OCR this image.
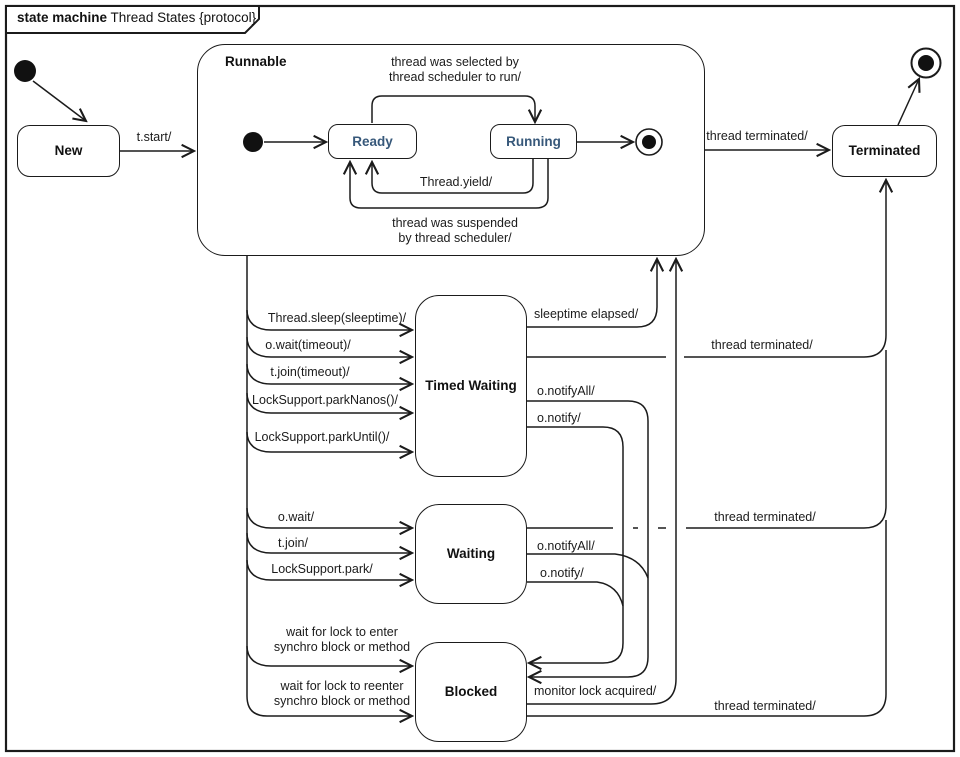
state machine Thread States {protocol}
New
Runnable
Ready	Running
Terminated
Timed Waiting
Waiting
Blocked
t.start/	thread terminated/
thread was selected by
thread scheduler to run/
Thread.yield/
thread was suspended
by thread scheduler/
Thread.sleep(sleeptime)/
o.wait(timeout)/
t.join(timeout)/
LockSupport.parkNanos()/
LockSupport.parkUntil()/
sleeptime elapsed/
thread terminated/
o.notifyAll/
o.notify/
o.wait/
t.join/
LockSupport.park/
thread terminated/
o.notifyAll/
o.notify/
wait for lock to enter
synchro block or method
wait for lock to reenter
synchro block or method
monitor lock acquired/
thread terminated/
